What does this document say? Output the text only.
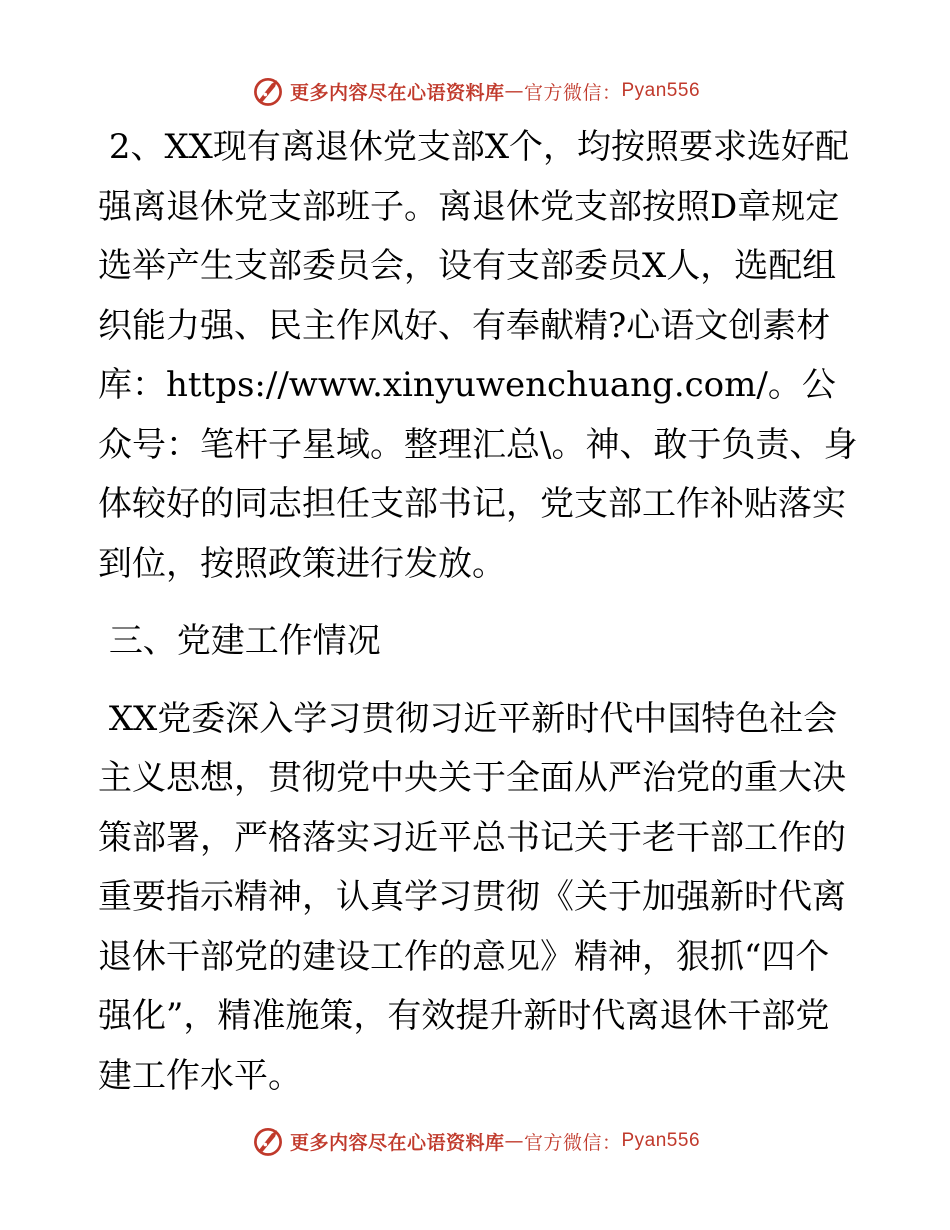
更多内容尽在心语资料库 — 官方微信： Pyan556

2、XX现有离退休党支部X个，均按照要求选好配强离退休党支部班子。离退休党支部按照D章规定选举产生支部委员会，设有支部委员X人，选配组织能力强、民主作风好、有奉献精?心语文创素材库：https://www.xinyuwenchuang.com/。公众号：笔杆子星域。整理汇总\。神、敢于负责、身体较好的同志担任支部书记，党支部工作补贴落实到位，按照政策进行发放。

三、党建工作情况

XX党委深入学习贯彻习近平新时代中国特色社会主义思想，贯彻党中央关于全面从严治党的重大决策部署，严格落实习近平总书记关于老干部工作的重要指示精神，认真学习贯彻《关于加强新时代离退休干部党的建设工作的意见》精神，狠抓“四个强化”，精准施策，有效提升新时代离退休干部党建工作水平。

更多内容尽在心语资料库 — 官方微信： Pyan556
